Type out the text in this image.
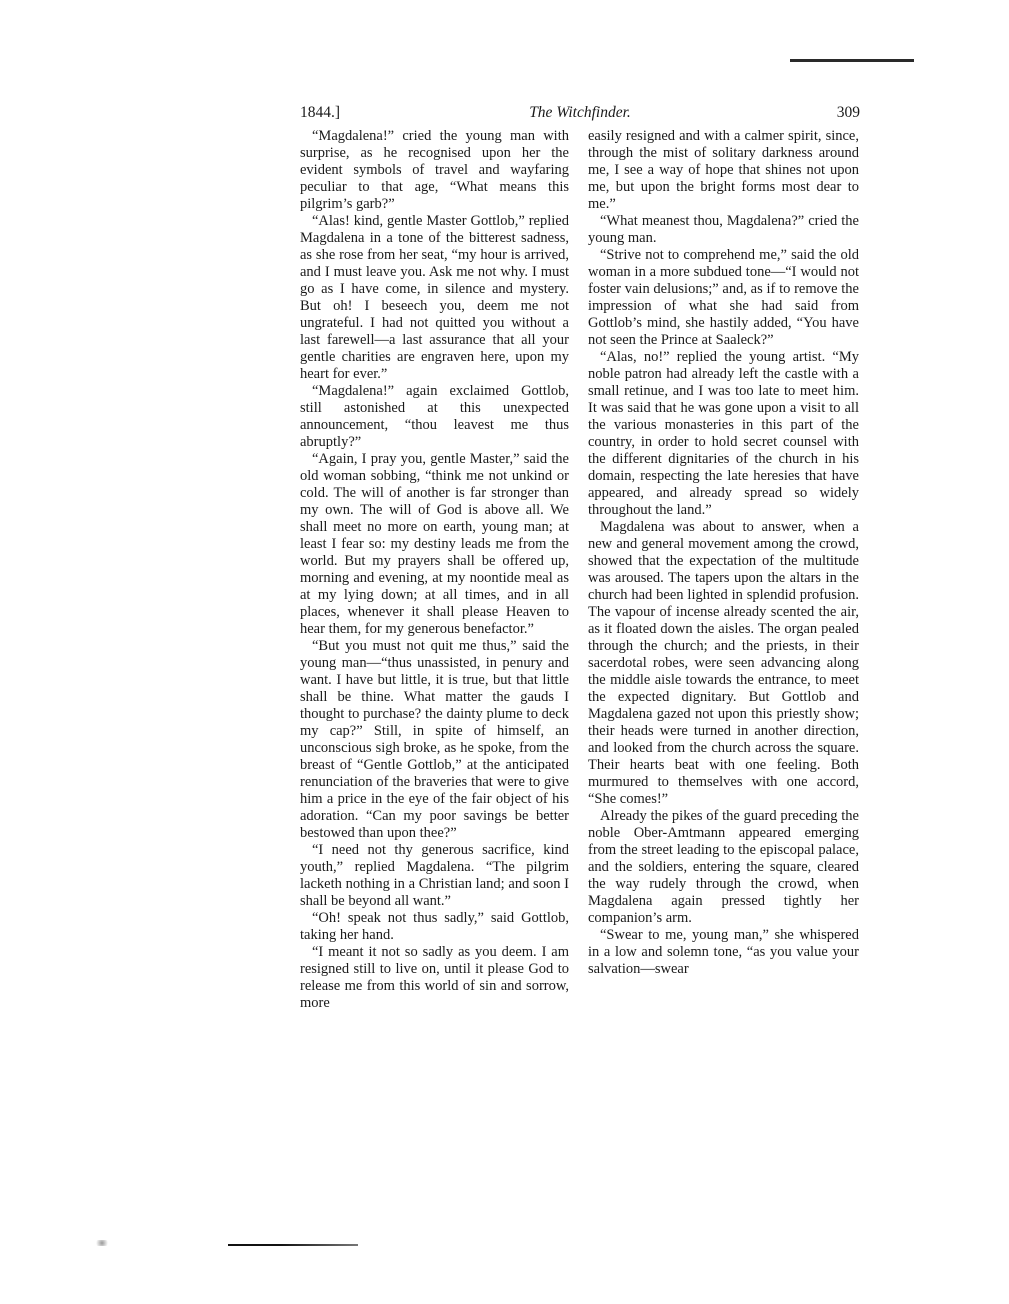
1844.]	The Witchfinder.	309

“Magdalena!” cried the young man with surprise, as he recognised upon her the evident symbols of travel and wayfaring peculiar to that age, “What means this pilgrim’s garb?”

“Alas! kind, gentle Master Gottlob,” replied Magdalena in a tone of the bitterest sadness, as she rose from her seat, “my hour is arrived, and I must leave you. Ask me not why. I must go as I have come, in silence and mystery. But oh! I beseech you, deem me not ungrateful. I had not quitted you without a last farewell—a last assurance that all your gentle charities are engraven here, upon my heart for ever.”

“Magdalena!” again exclaimed Gottlob, still astonished at this unexpected announcement, “thou leavest me thus abruptly?”

“Again, I pray you, gentle Master,” said the old woman sobbing, “think me not unkind or cold. The will of another is far stronger than my own. The will of God is above all. We shall meet no more on earth, young man; at least I fear so: my destiny leads me from the world. But my prayers shall be offered up, morning and evening, at my noontide meal as at my lying down; at all times, and in all places, whenever it shall please Heaven to hear them, for my generous benefactor.”

“But you must not quit me thus,” said the young man—“thus unassisted, in penury and want. I have but little, it is true, but that little shall be thine. What matter the gauds I thought to purchase? the dainty plume to deck my cap?” Still, in spite of himself, an unconscious sigh broke, as he spoke, from the breast of “Gentle Gottlob,” at the anticipated renunciation of the braveries that were to give him a price in the eye of the fair object of his adoration. “Can my poor savings be better bestowed than upon thee?”

“I need not thy generous sacrifice, kind youth,” replied Magdalena. “The pilgrim lacketh nothing in a Christian land; and soon I shall be beyond all want.”

“Oh! speak not thus sadly,” said Gottlob, taking her hand.

“I meant it not so sadly as you deem. I am resigned still to live on, until it please God to release me from this world of sin and sorrow, more

easily resigned and with a calmer spirit, since, through the mist of solitary darkness around me, I see a way of hope that shines not upon me, but upon the bright forms most dear to me.”

“What meanest thou, Magdalena?” cried the young man.

“Strive not to comprehend me,” said the old woman in a more subdued tone—“I would not foster vain delusions;” and, as if to remove the impression of what she had said from Gottlob’s mind, she hastily added, “You have not seen the Prince at Saaleck?”

“Alas, no!” replied the young artist. “My noble patron had already left the castle with a small retinue, and I was too late to meet him. It was said that he was gone upon a visit to all the various monasteries in this part of the country, in order to hold secret counsel with the different dignitaries of the church in his domain, respecting the late heresies that have appeared, and already spread so widely throughout the land.”

Magdalena was about to answer, when a new and general movement among the crowd, showed that the expectation of the multitude was aroused. The tapers upon the altars in the church had been lighted in splendid profusion. The vapour of incense already scented the air, as it floated down the aisles. The organ pealed through the church; and the priests, in their sacerdotal robes, were seen advancing along the middle aisle towards the entrance, to meet the expected dignitary. But Gottlob and Magdalena gazed not upon this priestly show; their heads were turned in another direction, and looked from the church across the square. Their hearts beat with one feeling. Both murmured to themselves with one accord, “She comes!”

Already the pikes of the guard preceding the noble Ober-Amtmann appeared emerging from the street leading to the episcopal palace, and the soldiers, entering the square, cleared the way rudely through the crowd, when Magdalena again pressed tightly her companion’s arm.

“Swear to me, young man,” she whispered in a low and solemn tone, “as you value your salvation—swear
